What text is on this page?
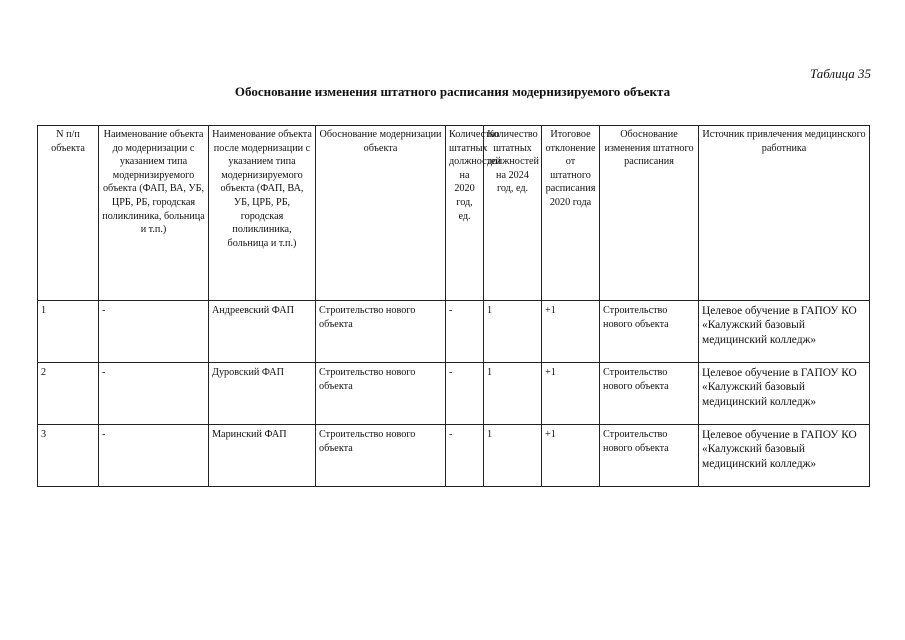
Таблица 35
Обоснование изменения штатного расписания модернизируемого объекта
N п/п объекта	Наименование объекта до модернизации с указанием типа модернизируемого объекта (ФАП, ВА, УБ, ЦРБ, РБ, городская поликлиника, больница и т.п.)	Наименование объекта после модернизации с указанием типа модернизируемого объекта (ФАП, ВА, УБ, ЦРБ, РБ, городская поликлиника, больница и т.п.)	Обоснование модернизации объекта	Количество штатных должностей на 2020 год, ед.	Количество штатных должностей на 2024 год, ед.	Итоговое отклонение от штатного расписания 2020 года	Обоснование изменения штатного расписания	Источник привлечения медицинского работника
1	-	Андреевский ФАП	Строительство нового объекта	-	1	+1	Строительство нового объекта	Целевое обучение в ГАПОУ КО «Калужский базовый медицинский колледж»
2	-	Дуровский ФАП	Строительство нового объекта	-	1	+1	Строительство нового объекта	Целевое обучение в ГАПОУ КО «Калужский базовый медицинский колледж»
3	-	Маринский ФАП	Строительство нового объекта	-	1	+1	Строительство нового объекта	Целевое обучение в ГАПОУ КО «Калужский базовый медицинский колледж»
